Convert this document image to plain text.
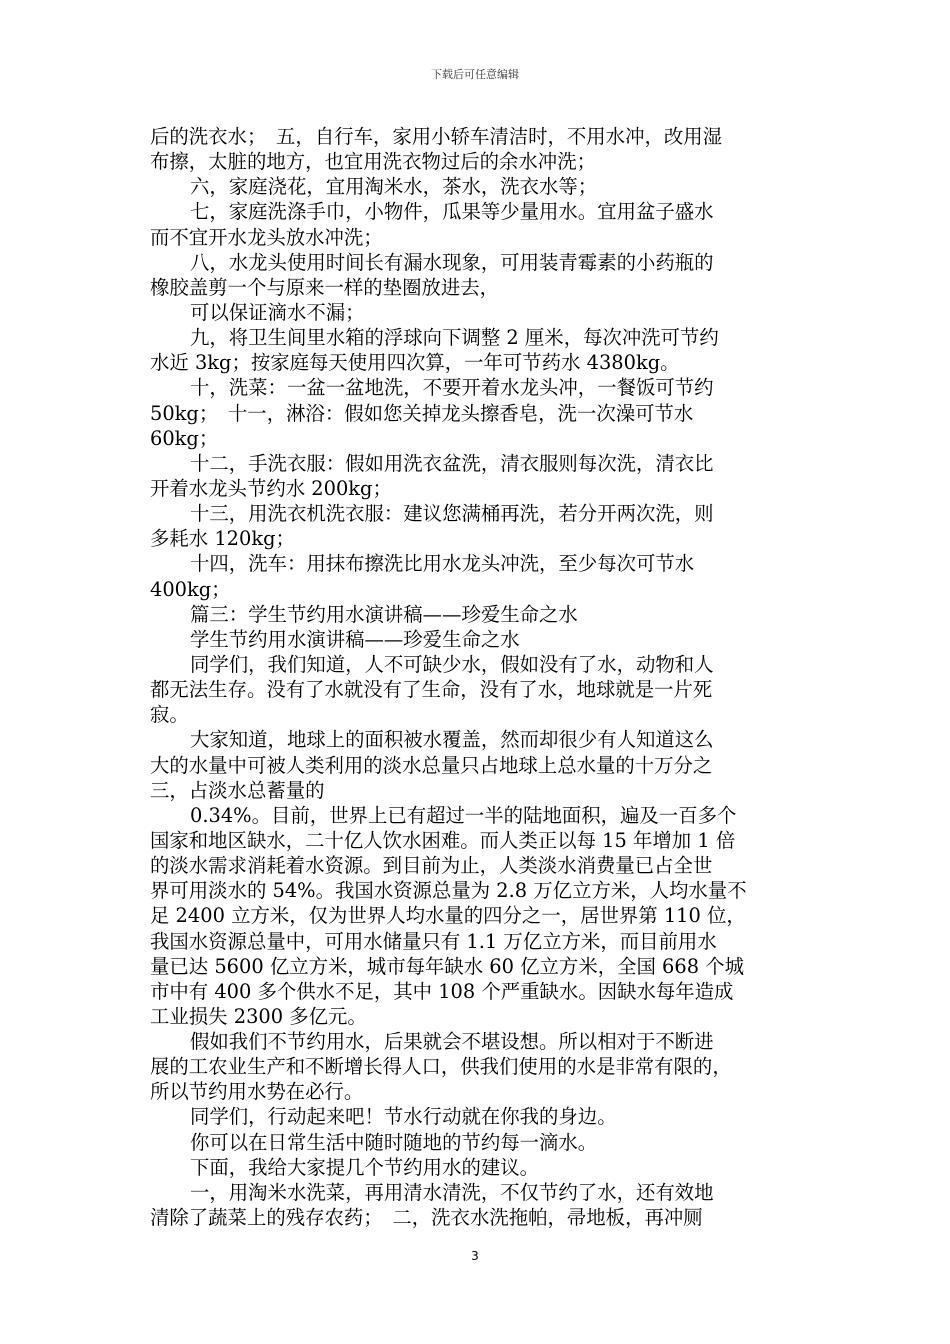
下载后可任意编辑
后的洗衣水；　五，自行车，家用小轿车清洁时，不用水冲，改用湿
布擦，太脏的地方，也宜用洗衣物过后的余水冲洗；
六，家庭浇花，宜用淘米水，茶水，洗衣水等；
七，家庭洗涤手巾，小物件，瓜果等少量用水。宜用盆子盛水
而不宜开水龙头放水冲洗；
八，水龙头使用时间长有漏水现象，可用装青霉素的小药瓶的
橡胶盖剪一个与原来一样的垫圈放进去，
可以保证滴水不漏；
九，将卫生间里水箱的浮球向下调整 2 厘米，每次冲洗可节约
水近 3kg；按家庭每天使用四次算，一年可节药水 4380kg。
十，洗菜：一盆一盆地洗，不要开着水龙头冲，一餐饭可节约
50kg；　十一，淋浴：假如您关掉龙头擦香皂，洗一次澡可节水
60kg；
十二，手洗衣服：假如用洗衣盆洗，清衣服则每次洗，清衣比
开着水龙头节约水 200kg；
十三，用洗衣机洗衣服：建议您满桶再洗，若分开两次洗，则
多耗水 120kg；
十四，洗车：用抹布擦洗比用水龙头冲洗，至少每次可节水
400kg；
篇三：学生节约用水演讲稿——珍爱生命之水
学生节约用水演讲稿——珍爱生命之水
同学们，我们知道，人不可缺少水，假如没有了水，动物和人
都无法生存。没有了水就没有了生命，没有了水，地球就是一片死
寂。
大家知道，地球上的面积被水覆盖，然而却很少有人知道这么
大的水量中可被人类利用的淡水总量只占地球上总水量的十万分之
三，占淡水总蓄量的
0.34%。目前，世界上已有超过一半的陆地面积，遍及一百多个
国家和地区缺水，二十亿人饮水困难。而人类正以每 15 年增加 1 倍
的淡水需求消耗着水资源。到目前为止，人类淡水消费量已占全世
界可用淡水的 54%。我国水资源总量为 2.8 万亿立方米，人均水量不
足 2400 立方米，仅为世界人均水量的四分之一，居世界第 110 位，
我国水资源总量中，可用水储量只有 1.1 万亿立方米，而目前用水
量已达 5600 亿立方米，城市每年缺水 60 亿立方米，全国 668 个城
市中有 400 多个供水不足，其中 108 个严重缺水。因缺水每年造成
工业损失 2300 多亿元。
假如我们不节约用水，后果就会不堪设想。所以相对于不断进
展的工农业生产和不断增长得人口，供我们使用的水是非常有限的，
所以节约用水势在必行。
同学们，行动起来吧！节水行动就在你我的身边。
你可以在日常生活中随时随地的节约每一滴水。
下面，我给大家提几个节约用水的建议。
一，用淘米水洗菜，再用清水清洗，不仅节约了水，还有效地
清除了蔬菜上的残存农药；　二，洗衣水洗拖帕，帚地板，再冲厕
3
